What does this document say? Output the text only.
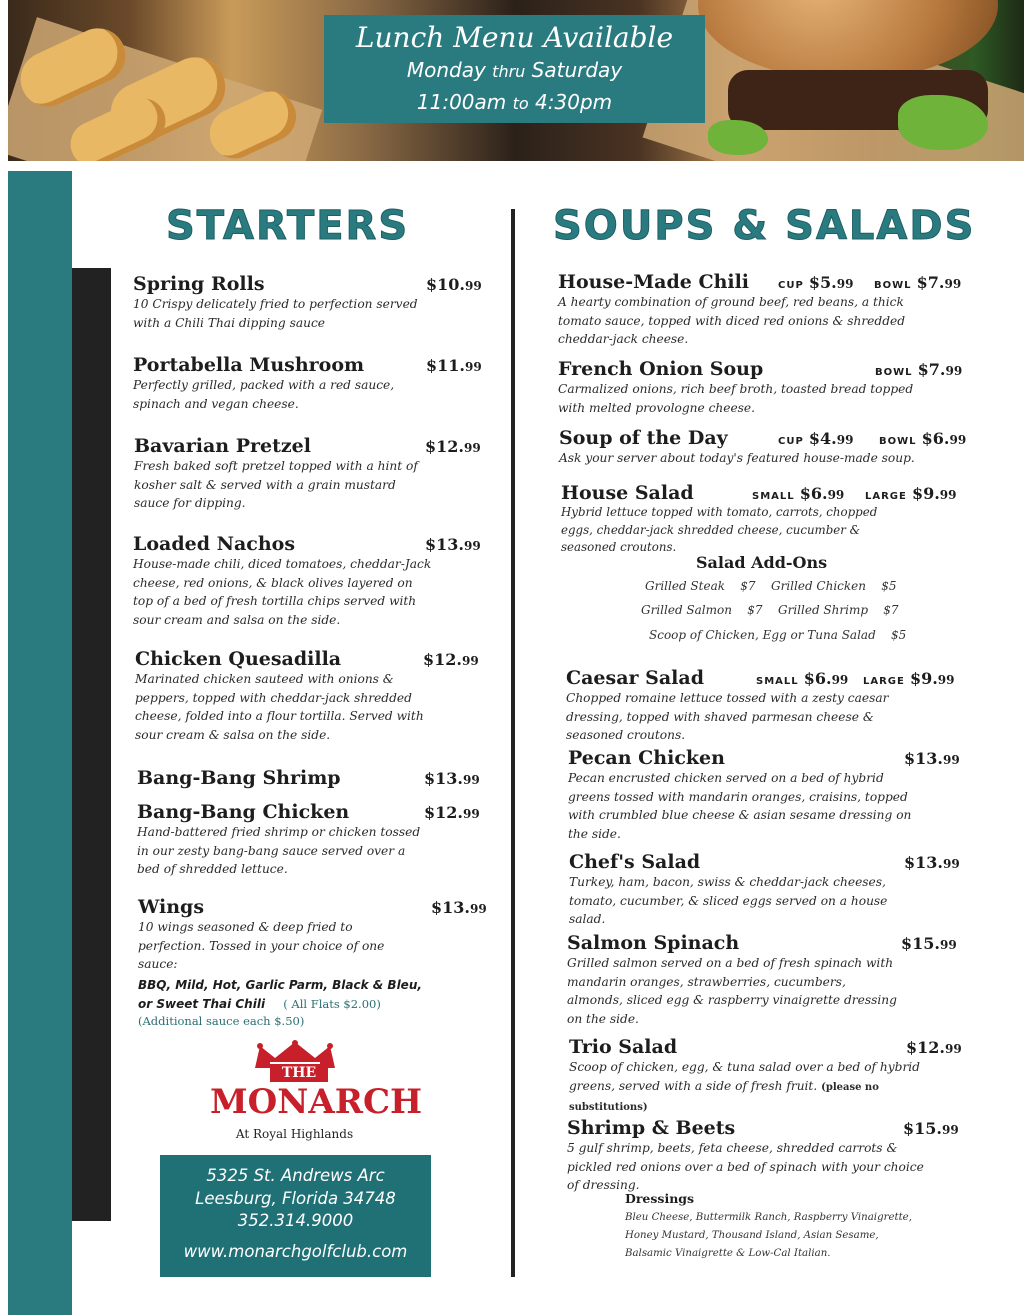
Lunch Menu Available
Monday thru Saturday
11:00am to 4:30pm
STARTERS	SOUPS & SALADS
Spring Rolls	$10.99
10 Crispy delicately fried to perfection served with a Chili Thai dipping sauce
Portabella Mushroom	$11.99
Perfectly grilled, packed with a red sauce, spinach and vegan cheese.
Bavarian Pretzel	$12.99
Fresh baked soft pretzel topped with a hint of kosher salt & served with a grain mustard sauce for dipping.
Loaded Nachos	$13.99
House-made chili, diced tomatoes, cheddar-Jack cheese, red onions, & black olives layered on top of a bed of fresh tortilla chips served with sour cream and salsa on the side.
Chicken Quesadilla	$12.99
Marinated chicken sauteed with onions & peppers, topped with cheddar-jack shredded cheese, folded into a flour tortilla. Served with sour cream & salsa on the side.
Bang-Bang Shrimp	$13.99
Bang-Bang Chicken	$12.99
Hand-battered fried shrimp or chicken tossed in our zesty bang-bang sauce served over a bed of shredded lettuce.
Wings	$13.99
10 wings seasoned & deep fried to perfection. Tossed in your choice of one sauce:
BBQ, Mild, Hot, Garlic Parm, Black & Bleu,
or Sweet Thai Chili ( All Flats $2.00)
(Additional sauce each $.50)
THE
MONARCH
At Royal Highlands
5325 St. Andrews Arc
Leesburg, Florida 34748
352.314.9000
www.monarchgolfclub.com
House-Made Chili	CUP $5.99 BOWL $7.99
A hearty combination of ground beef, red beans, a thick tomato sauce, topped with diced red onions & shredded cheddar-jack cheese.
French Onion Soup	BOWL $7.99
Carmalized onions, rich beef broth, toasted bread topped with melted provologne cheese.
Soup of the Day	CUP $4.99	BOWL $6.99
Ask your server about today's featured house-made soup.
House Salad	SMALL $6.99 LARGE $9.99
Hybrid lettuce topped with tomato, carrots, chopped eggs, cheddar-jack shredded cheese, cucumber & seasoned croutons.
Salad Add-Ons
Grilled Steak $7 Grilled Chicken $5
Grilled Salmon $7 Grilled Shrimp $7
Scoop of Chicken, Egg or Tuna Salad $5
Caesar Salad	SMALL $6.99 LARGE $9.99
Chopped romaine lettuce tossed with a zesty caesar dressing, topped with shaved parmesan cheese & seasoned croutons.
Pecan Chicken	$13.99
Pecan encrusted chicken served on a bed of hybrid greens tossed with mandarin oranges, craisins, topped with crumbled blue cheese & asian sesame dressing on the side.
Chef's Salad	$13.99
Turkey, ham, bacon, swiss & cheddar-jack cheeses, tomato, cucumber, & sliced eggs served on a house salad.
Salmon Spinach	$15.99
Grilled salmon served on a bed of fresh spinach with mandarin oranges, strawberries, cucumbers, almonds, sliced egg & raspberry vinaigrette dressing on the side.
Trio Salad	$12.99
Scoop of chicken, egg, & tuna salad over a bed of hybrid greens, served with a side of fresh fruit. (please no substitutions)
Shrimp & Beets	$15.99
5 gulf shrimp, beets, feta cheese, shredded carrots & pickled red onions over a bed of spinach with your choice of dressing.
Dressings
Bleu Cheese, Buttermilk Ranch, Raspberry Vinaigrette, Honey Mustard, Thousand Island, Asian Sesame, Balsamic Vinaigrette & Low-Cal Italian.
